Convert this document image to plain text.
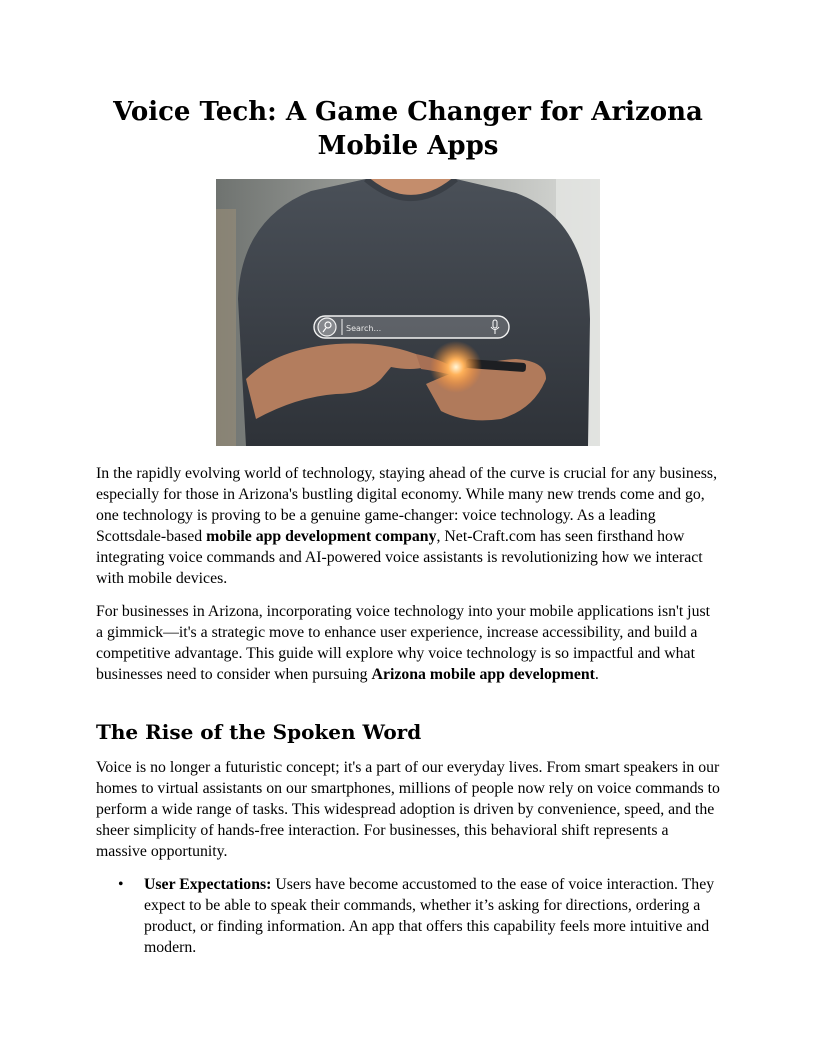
Voice Tech: A Game Changer for Arizona Mobile Apps
Search...

In the rapidly evolving world of technology, staying ahead of the curve is crucial for any business, especially for those in Arizona's bustling digital economy. While many new trends come and go, one technology is proving to be a genuine game-changer: voice technology. As a leading Scottsdale-based mobile app development company, Net-Craft.com has seen firsthand how integrating voice commands and AI-powered voice assistants is revolutionizing how we interact with mobile devices.

For businesses in Arizona, incorporating voice technology into your mobile applications isn't just a gimmick—it's a strategic move to enhance user experience, increase accessibility, and build a competitive advantage. This guide will explore why voice technology is so impactful and what businesses need to consider when pursuing Arizona mobile app development.

The Rise of the Spoken Word

Voice is no longer a futuristic concept; it's a part of our everyday lives. From smart speakers in our homes to virtual assistants on our smartphones, millions of people now rely on voice commands to perform a wide range of tasks. This widespread adoption is driven by convenience, speed, and the sheer simplicity of hands-free interaction. For businesses, this behavioral shift represents a massive opportunity.

• User Expectations: Users have become accustomed to the ease of voice interaction. They expect to be able to speak their commands, whether it’s asking for directions, ordering a product, or finding information. An app that offers this capability feels more intuitive and modern.
